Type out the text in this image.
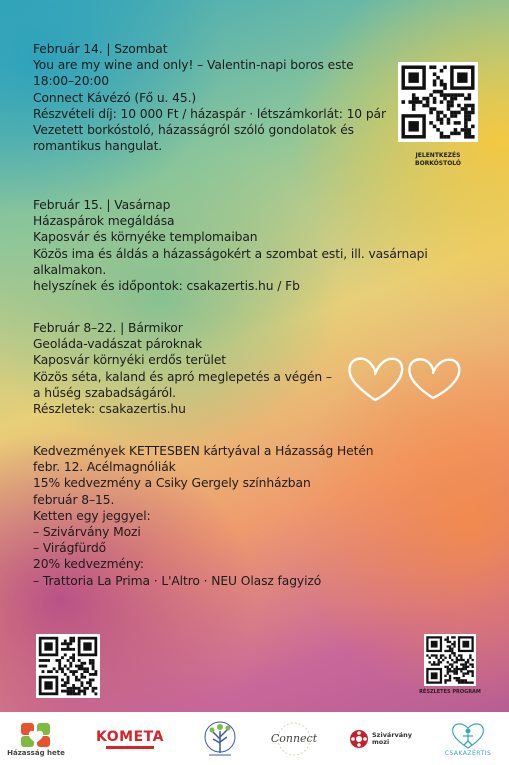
Február 14. | Szombat
You are my wine and only! – Valentin-napi boros este
18:00–20:00
Connect Kávézó (Fő u. 45.)
Részvételi díj: 10 000 Ft / házaspár · létszámkorlát: 10 pár
Vezetett borkóstoló, házasságról szóló gondolatok és
romantikus hangulat.
Február 15. | Vasárnap
Házaspárok megáldása
Kaposvár és környéke templomaiban
Közös ima és áldás a házasságokért a szombat esti, ill. vasárnapi
alkalmakon.
helyszínek és időpontok: csakazertis.hu / Fb
Február 8–22. | Bármikor
Geoláda-vadászat pároknak
Kaposvár környéki erdős terület
Közös séta, kaland és apró meglepetés a végén –
a hűség szabadságáról.
Részletek: csakazertis.hu
Kedvezmények KETTESBEN kártyával a Házasság Hetén
febr. 12. Acélmagnóliák
15% kedvezmény a Csiky Gergely színházban
február 8–15.
Ketten egy jeggyel:
– Szivárvány Mozi
– Virágfürdő
20% kedvezmény:
– Trattoria La Prima · L'Altro · NEU Olasz fagyizó
JELENTKEZÉS
BORKÓSTOLÓ
RÉSZLETES PROGRAM
Házasság hete
KOMETA	Connect	Szivárvány mozi
CSAKAZÉRTIS
